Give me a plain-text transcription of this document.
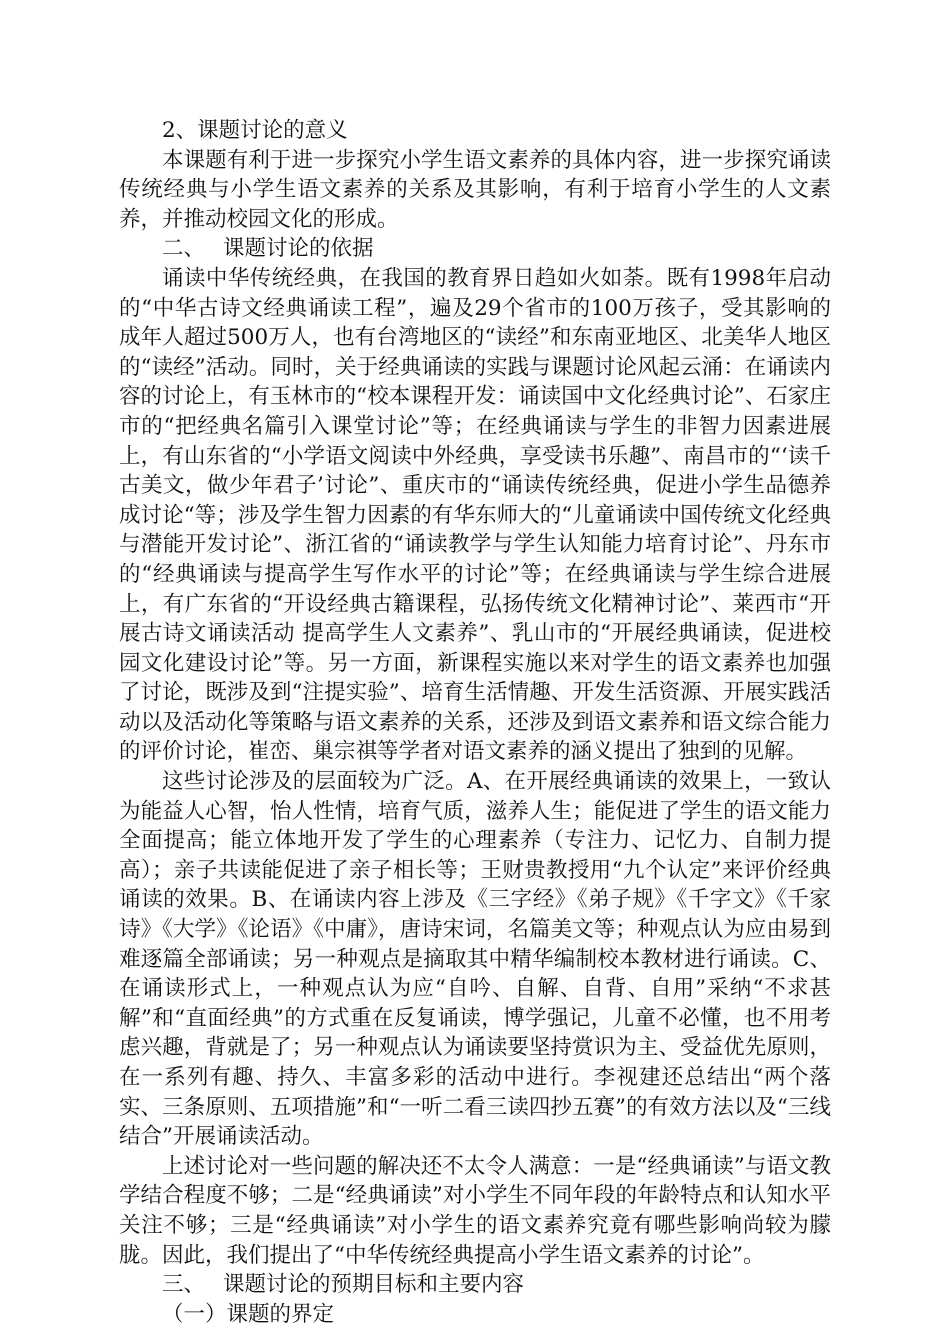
2、课题讨论的意义

本课题有利于进一步探究小学生语文素养的具体内容，进一步探究诵读传统经典与小学生语文素养的关系及其影响，有利于培育小学生的人文素养，并推动校园文化的形成。

二、 课题讨论的依据

诵读中华传统经典，在我国的教育界日趋如火如荼。既有1998年启动的“中华古诗文经典诵读工程”，遍及29个省市的100万孩子，受其影响的成年人超过500万人，也有台湾地区的“读经”和东南亚地区、北美华人地区的“读经”活动。同时，关于经典诵读的实践与课题讨论风起云涌：在诵读内容的讨论上，有玉林市的“校本课程开发：诵读国中文化经典讨论”、石家庄市的“把经典名篇引入课堂讨论”等；在经典诵读与学生的非智力因素进展上，有山东省的“小学语文阅读中外经典，享受读书乐趣”、南昌市的“‘读千古美文，做少年君子’讨论”、重庆市的“诵读传统经典，促进小学生品德养成讨论“等；涉及学生智力因素的有华东师大的“儿童诵读中国传统文化经典与潜能开发讨论”、浙江省的“诵读教学与学生认知能力培育讨论”、丹东市的“经典诵读与提高学生写作水平的讨论”等；在经典诵读与学生综合进展上，有广东省的“开设经典古籍课程，弘扬传统文化精神讨论”、莱西市“开展古诗文诵读活动 提高学生人文素养”、乳山市的“开展经典诵读，促进校园文化建设讨论”等。另一方面，新课程实施以来对学生的语文素养也加强了讨论，既涉及到“注提实验”、培育生活情趣、开发生活资源、开展实践活动以及活动化等策略与语文素养的关系，还涉及到语文素养和语文综合能力的评价讨论，崔峦、巢宗祺等学者对语文素养的涵义提出了独到的见解。

这些讨论涉及的层面较为广泛。A、在开展经典诵读的效果上，一致认为能益人心智，怡人性情，培育气质，滋养人生；能促进了学生的语文能力全面提高；能立体地开发了学生的心理素养（专注力、记忆力、自制力提高）；亲子共读能促进了亲子相长等；王财贵教授用“九个认定”来评价经典诵读的效果。B、在诵读内容上涉及《三字经》《弟子规》《千字文》《千家诗》《大学》《论语》《中庸》，唐诗宋词，名篇美文等；种观点认为应由易到难逐篇全部诵读；另一种观点是摘取其中精华编制校本教材进行诵读。C、在诵读形式上，一种观点认为应“自吟、自解、自背、自用”采纳“不求甚解”和“直面经典”的方式重在反复诵读，博学强记，儿童不必懂，也不用考虑兴趣，背就是了；另一种观点认为诵读要坚持赏识为主、受益优先原则，在一系列有趣、持久、丰富多彩的活动中进行。李视建还总结出“两个落实、三条原则、五项措施”和“一听二看三读四抄五赛”的有效方法以及“三线结合”开展诵读活动。

上述讨论对一些问题的解决还不太令人满意：一是“经典诵读”与语文教学结合程度不够；二是“经典诵读”对小学生不同年段的年龄特点和认知水平关注不够；三是“经典诵读”对小学生的语文素养究竟有哪些影响尚较为朦胧。因此，我们提出了“中华传统经典提高小学生语文素养的讨论”。

三、 课题讨论的预期目标和主要内容

（一）课题的界定
